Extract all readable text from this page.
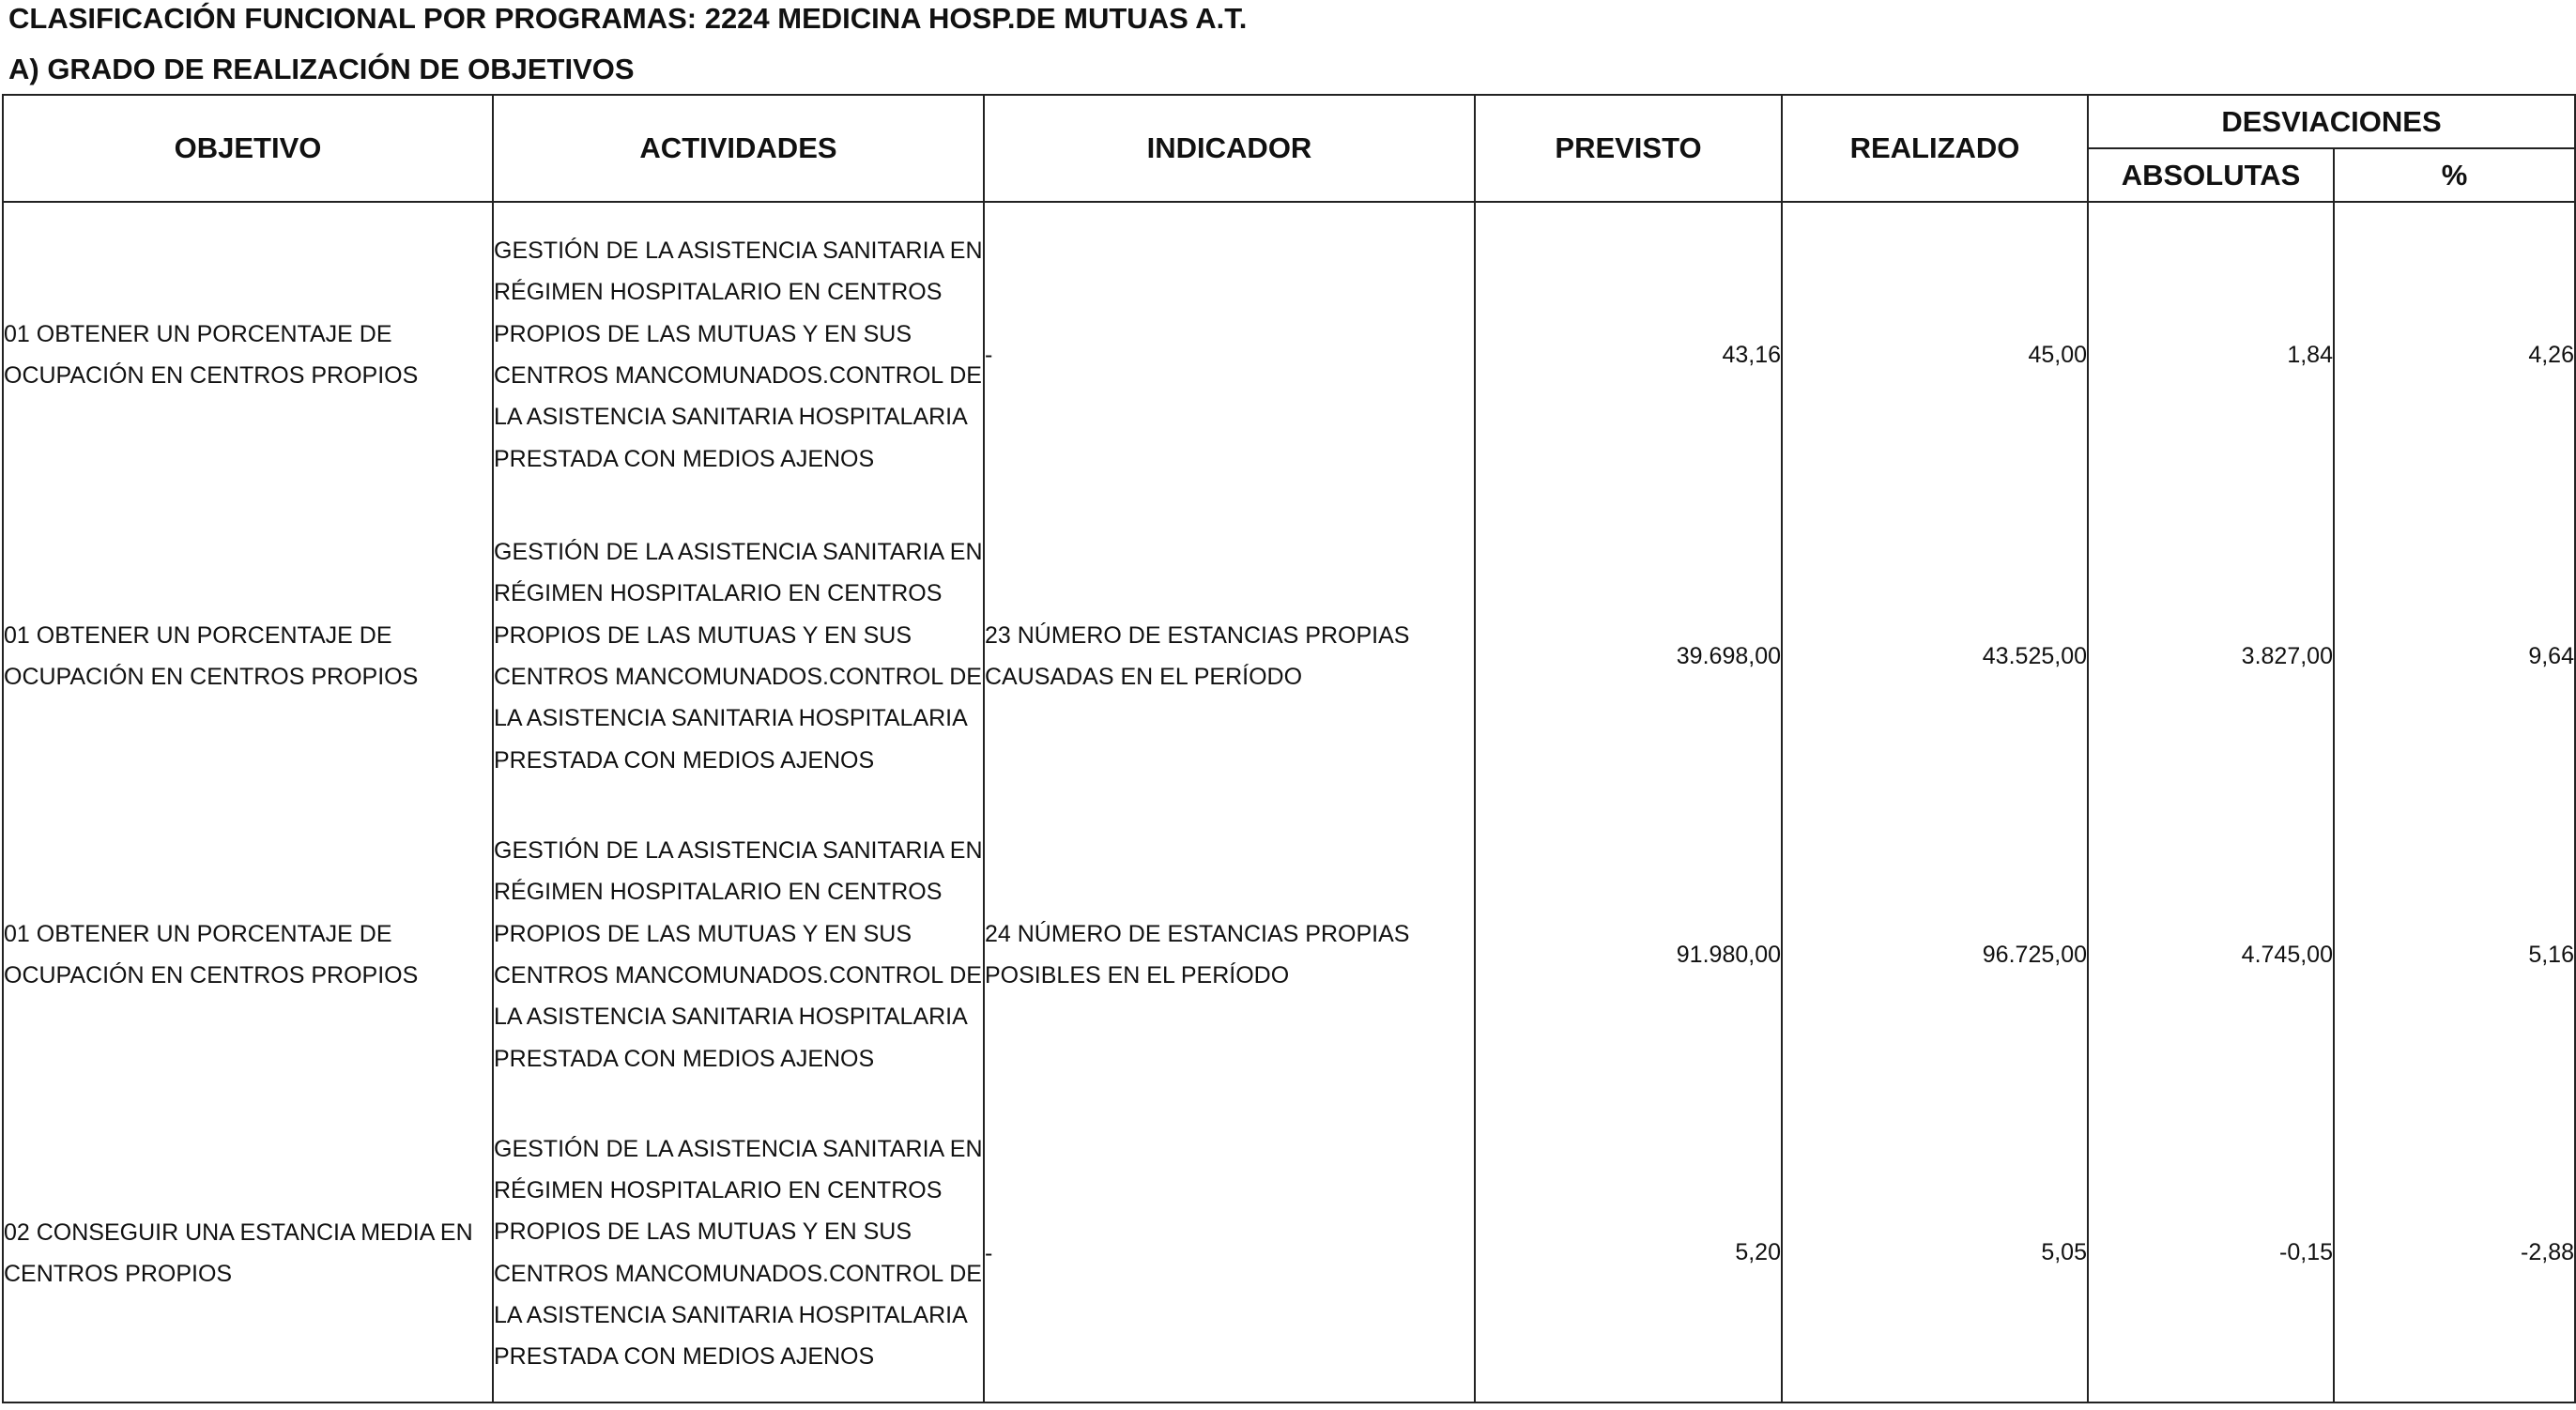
CLASIFICACIÓN FUNCIONAL POR PROGRAMAS: 2224 MEDICINA HOSP.DE MUTUAS A.T.
A) GRADO DE REALIZACIÓN DE OBJETIVOS
OBJETIVO	ACTIVIDADES	INDICADOR	PREVISTO	REALIZADO	DESVIACIONES	
					ABSOLUTAS	%
01 OBTENER UN PORCENTAJE DE OCUPACIÓN EN CENTROS PROPIOS	GESTIÓN DE LA ASISTENCIA SANITARIA EN RÉGIMEN HOSPITALARIO EN CENTROS PROPIOS DE LAS MUTUAS Y EN SUS CENTROS MANCOMUNADOS.CONTROL DE LA ASISTENCIA SANITARIA HOSPITALARIA PRESTADA CON MEDIOS AJENOS	-	43,16	45,00	1,84	4,26
01 OBTENER UN PORCENTAJE DE OCUPACIÓN EN CENTROS PROPIOS	GESTIÓN DE LA ASISTENCIA SANITARIA EN RÉGIMEN HOSPITALARIO EN CENTROS PROPIOS DE LAS MUTUAS Y EN SUS CENTROS MANCOMUNADOS.CONTROL DE LA ASISTENCIA SANITARIA HOSPITALARIA PRESTADA CON MEDIOS AJENOS	23 NÚMERO DE ESTANCIAS PROPIAS CAUSADAS EN EL PERÍODO	39.698,00	43.525,00	3.827,00	9,64
01 OBTENER UN PORCENTAJE DE OCUPACIÓN EN CENTROS PROPIOS	GESTIÓN DE LA ASISTENCIA SANITARIA EN RÉGIMEN HOSPITALARIO EN CENTROS PROPIOS DE LAS MUTUAS Y EN SUS CENTROS MANCOMUNADOS.CONTROL DE LA ASISTENCIA SANITARIA HOSPITALARIA PRESTADA CON MEDIOS AJENOS	24 NÚMERO DE ESTANCIAS PROPIAS POSIBLES EN EL PERÍODO	91.980,00	96.725,00	4.745,00	5,16
02 CONSEGUIR UNA ESTANCIA MEDIA EN CENTROS PROPIOS	GESTIÓN DE LA ASISTENCIA SANITARIA EN RÉGIMEN HOSPITALARIO EN CENTROS PROPIOS DE LAS MUTUAS Y EN SUS CENTROS MANCOMUNADOS.CONTROL DE LA ASISTENCIA SANITARIA HOSPITALARIA PRESTADA CON MEDIOS AJENOS	-	5,20	5,05	-0,15	-2,88
